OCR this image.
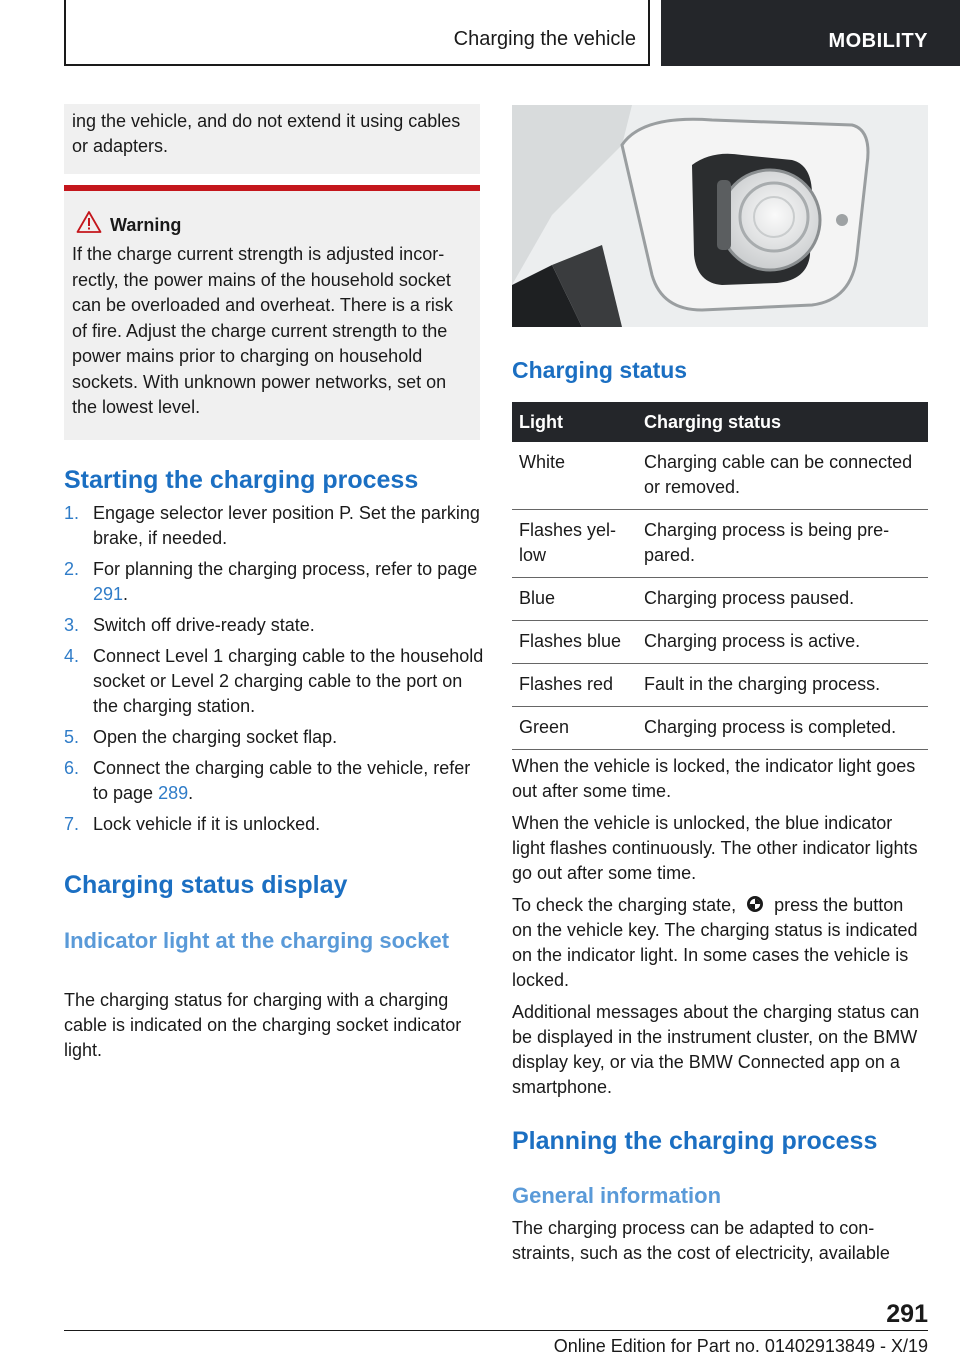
Charging the vehicle	MOBILITY

ing the vehicle, and do not extend it using cables or adapters.

Warning

If the charge current strength is adjusted incorrectly, the power mains of the household socket can be overloaded and overheat. There is a risk of fire. Adjust the charge current strength to the power mains prior to charging on household sockets. With unknown power networks, set on the lowest level.

Starting the charging process
1. Engage selector lever position P. Set the parking brake, if needed.
2. For planning the charging process, refer to page 291.
3. Switch off drive-ready state.
4. Connect Level 1 charging cable to the household socket or Level 2 charging cable to the port on the charging station.
5. Open the charging socket flap.
6. Connect the charging cable to the vehicle, refer to page 289.
7. Lock vehicle if it is unlocked.
Charging status display
Indicator light at the charging socket

The charging status for charging with a charging cable is indicated on the charging socket indicator light.

Charging status
Light	Charging status
White	Charging cable can be connected or removed.
Flashes yellow	Charging process is being prepared.
Blue	Charging process paused.
Flashes blue	Charging process is active.
Flashes red	Fault in the charging process.
Green	Charging process is completed.

When the vehicle is locked, the indicator light goes out after some time.

When the vehicle is unlocked, the blue indicator light flashes continuously. The other indicator lights go out after some time.

To check the charging state, press the button on the vehicle key. The charging status is indicated on the indicator light. In some cases the vehicle is locked.

Additional messages about the charging status can be displayed in the instrument cluster, on the BMW display key, or via the BMW Connected app on a smartphone.

Planning the charging process
General information

The charging process can be adapted to constraints, such as the cost of electricity, available

291
Online Edition for Part no. 01402913849 - X/19
